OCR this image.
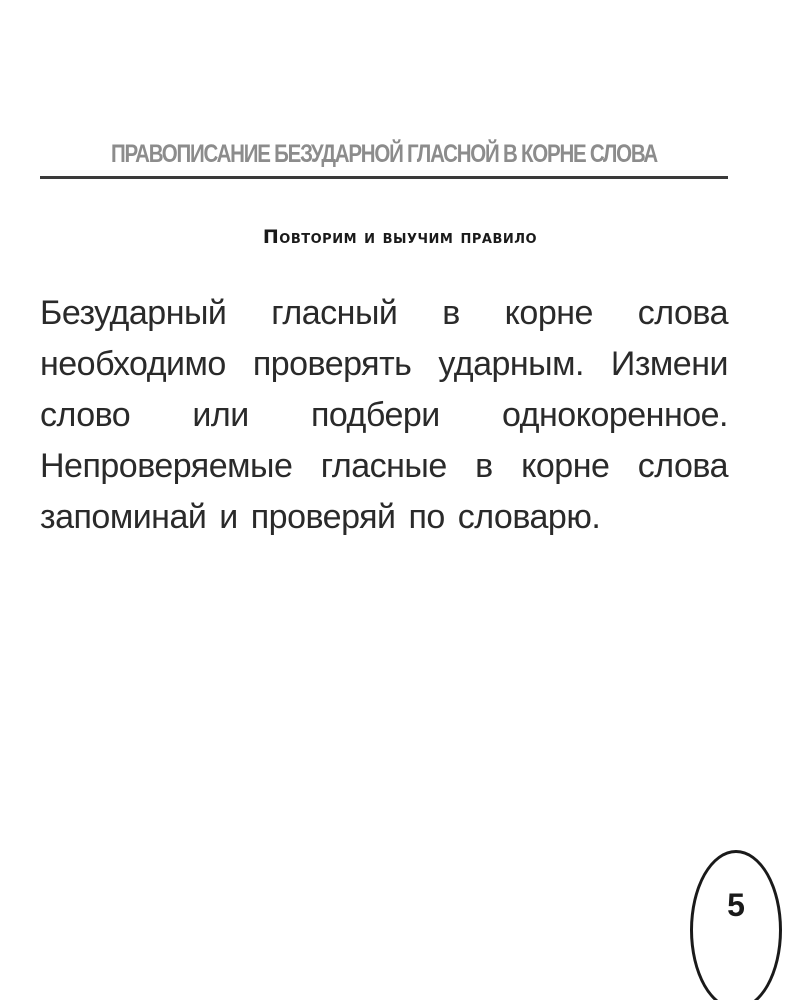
ПРАВОПИСАНИЕ БЕЗУДАРНОЙ ГЛАСНОЙ В КОРНЕ СЛОВА
Повторим и выучим правило

Безударный гласный в корне слова необходимо проверять ударным. Измени слово или подбери однокоренное. Непроверяемые гласные в корне слова запоминай и проверяй по словарю.

5
